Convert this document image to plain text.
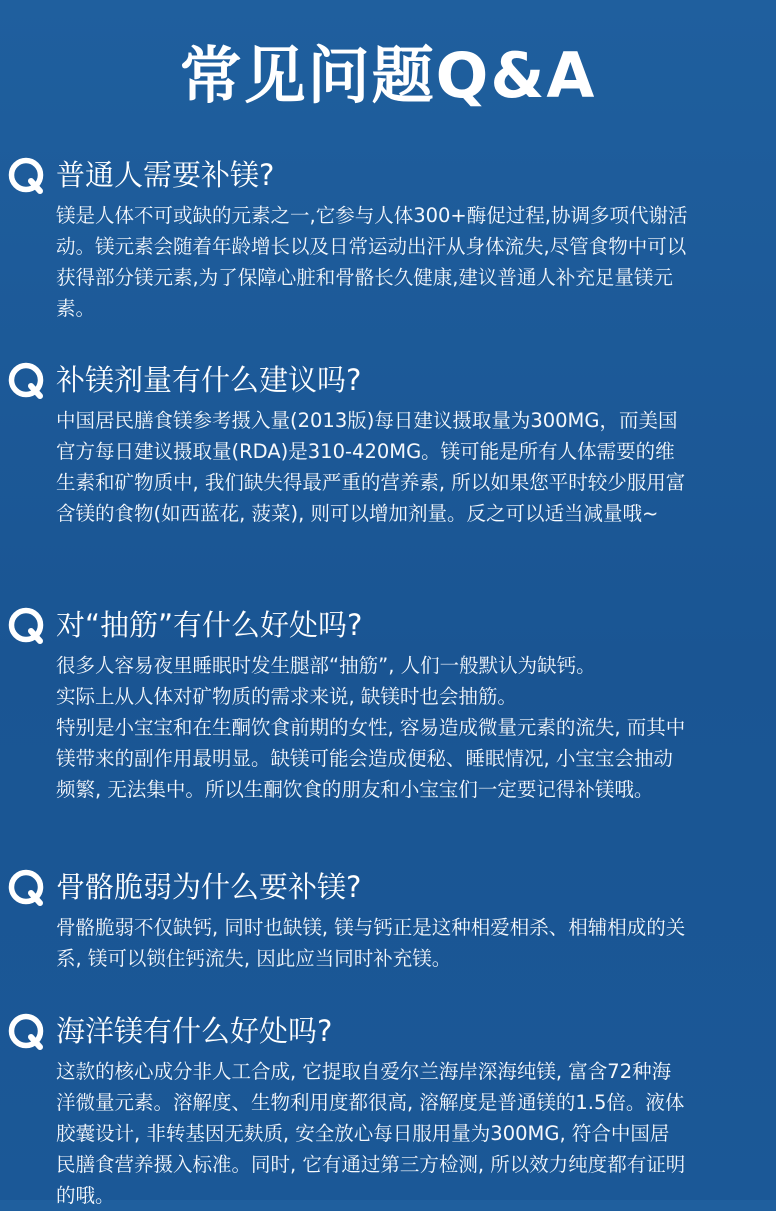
常见问题Q&A
普通人需要补镁?

镁是人体不可或缺的元素之一,它参与人体300+酶促过程,协调多项代谢活动。镁元素会随着年龄增长以及日常运动出汗从身体流失,尽管食物中可以获得部分镁元素,为了保障心脏和骨骼长久健康,建议普通人补充足量镁元素。

补镁剂量有什么建议吗?

中国居民膳食镁参考摄入量(2013版)每日建议摄取量为300MG，而美国官方每日建议摄取量(RDA)是310-420MG。镁可能是所有人体需要的维生素和矿物质中, 我们缺失得最严重的营养素, 所以如果您平时较少服用富含镁的食物(如西蓝花, 菠菜), 则可以增加剂量。反之可以适当减量哦~

对“抽筋”有什么好处吗?

很多人容易夜里睡眠时发生腿部“抽筋”, 人们一般默认为缺钙。

实际上从人体对矿物质的需求来说, 缺镁时也会抽筋。

特别是小宝宝和在生酮饮食前期的女性, 容易造成微量元素的流失, 而其中镁带来的副作用最明显。缺镁可能会造成便秘、睡眠情况, 小宝宝会抽动频繁, 无法集中。所以生酮饮食的朋友和小宝宝们一定要记得补镁哦。

骨骼脆弱为什么要补镁?

骨骼脆弱不仅缺钙, 同时也缺镁, 镁与钙正是这种相爱相杀、相辅相成的关系, 镁可以锁住钙流失, 因此应当同时补充镁。

海洋镁有什么好处吗?

这款的核心成分非人工合成, 它提取自爱尔兰海岸深海纯镁, 富含72种海洋微量元素。溶解度、生物利用度都很高, 溶解度是普通镁的1.5倍。液体胶囊设计, 非转基因无麸质, 安全放心每日服用量为300MG, 符合中国居民膳食营养摄入标准。同时, 它有通过第三方检测, 所以效力纯度都有证明的哦。
